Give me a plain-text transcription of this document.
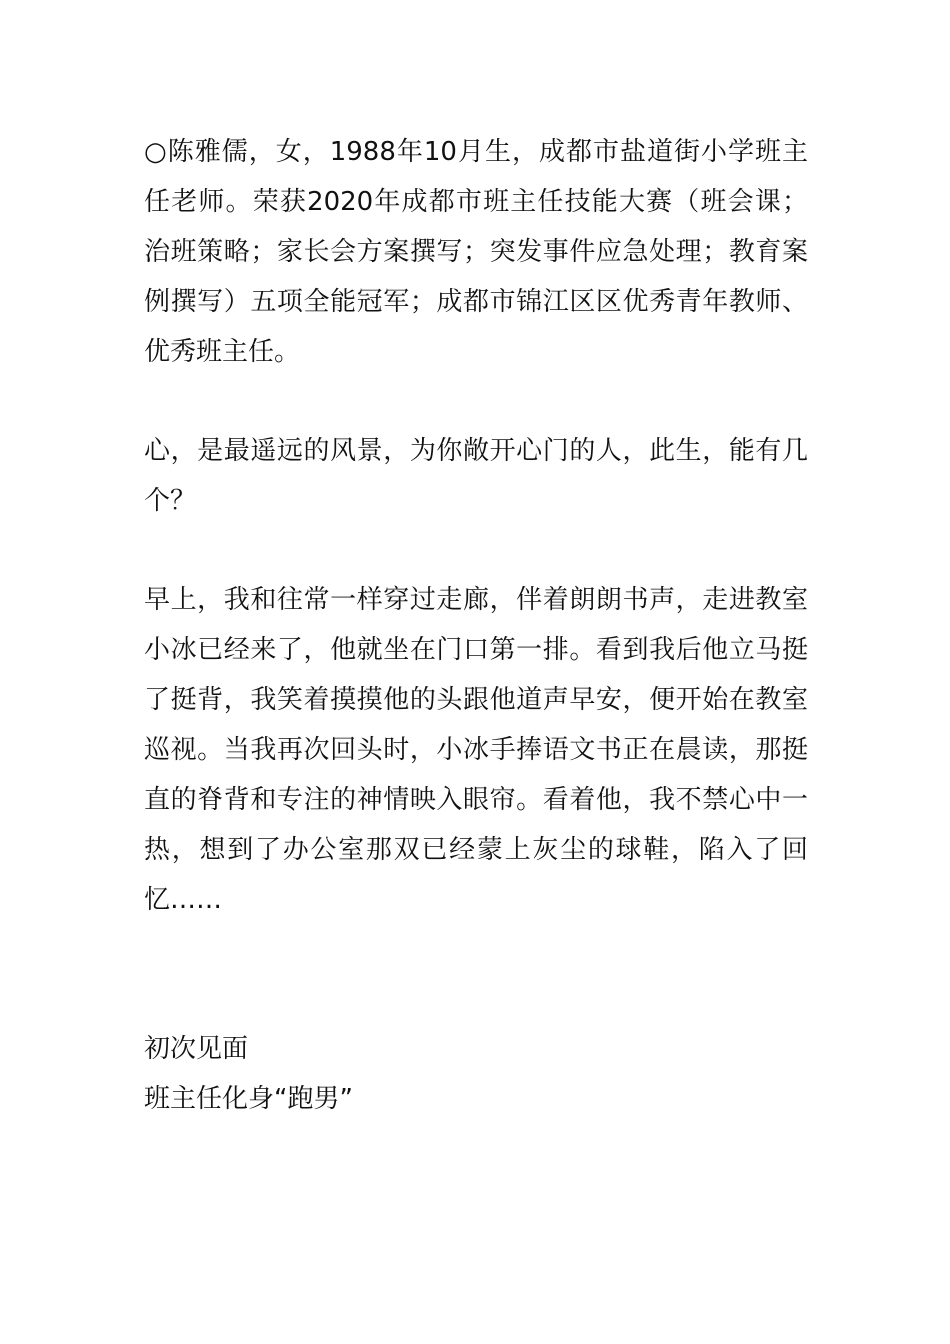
○陈雅儒，女，1988年10月生，成都市盐道街小学班主任老师。荣获2020年成都市班主任技能大赛（班会课；治班策略；家长会方案撰写；突发事件应急处理；教育案例撰写）五项全能冠军；成都市锦江区区优秀青年教师、优秀班主任。

心，是最遥远的风景，为你敞开心门的人，此生，能有几个？

早上，我和往常一样穿过走廊，伴着朗朗书声，走进教室小冰已经来了，他就坐在门口第一排。看到我后他立马挺了挺背，我笑着摸摸他的头跟他道声早安，便开始在教室巡视。当我再次回头时，小冰手捧语文书正在晨读，那挺直的脊背和专注的神情映入眼帘。看着他，我不禁心中一热，想到了办公室那双已经蒙上灰尘的球鞋，陷入了回忆……

初次见面

班主任化身“跑男”
